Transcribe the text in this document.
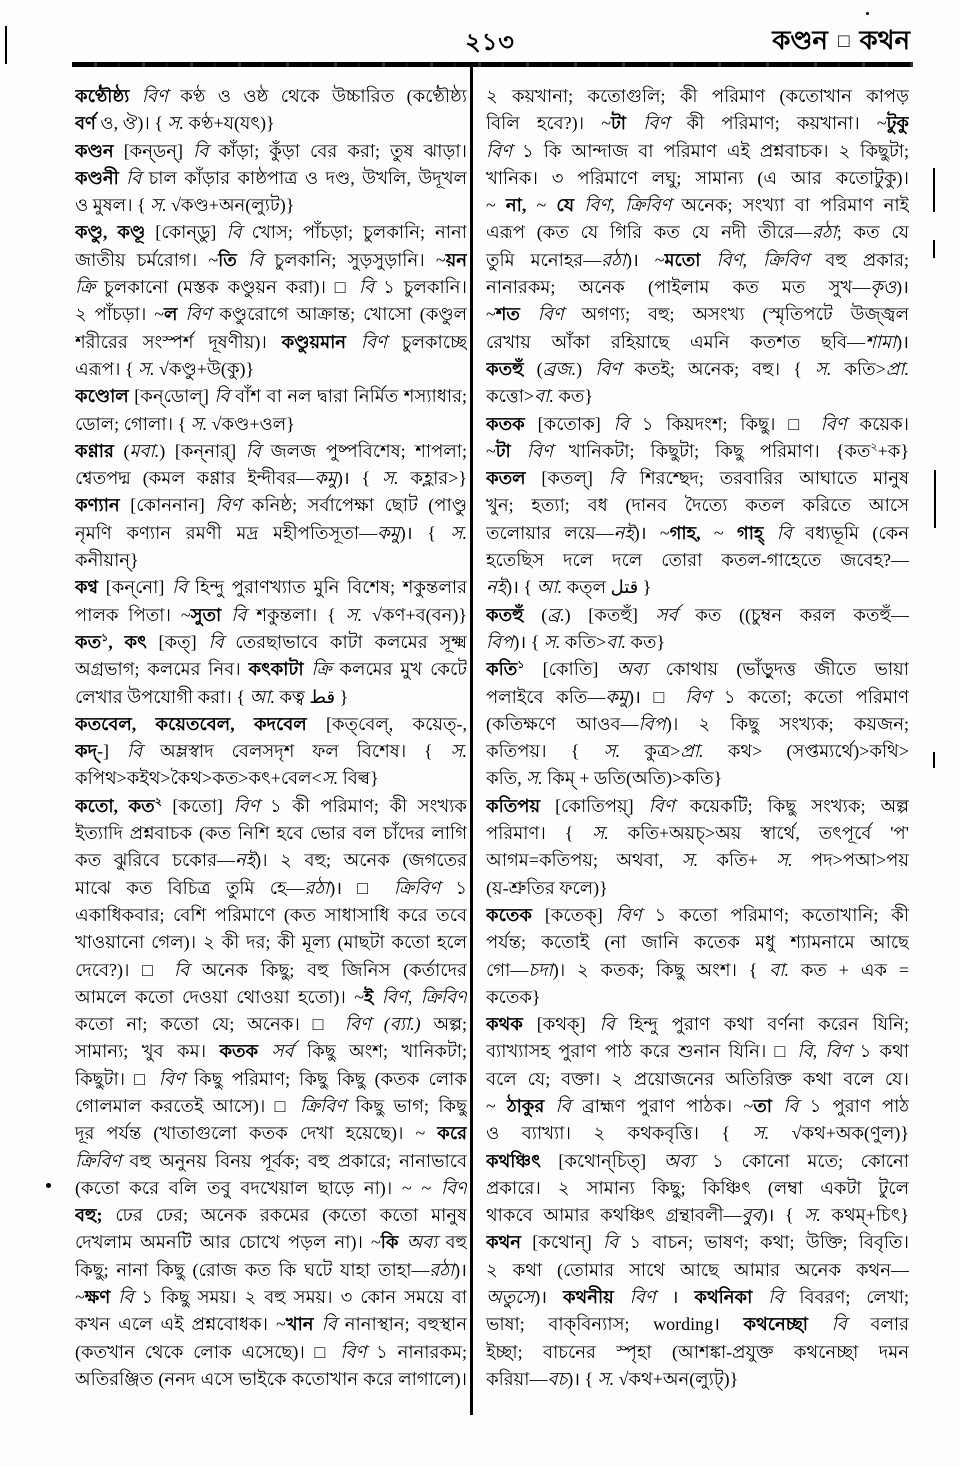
২১৩	কণ্ডন □ কথন
কণ্ঠৌষ্ঠ্য বিণ কণ্ঠ ও ওষ্ঠ থেকে উচ্চারিত (কণ্ঠৌষ্ঠ্য
বর্ণ ও, ঔ)। { স. কণ্ঠ+য(যৎ)}
কণ্ডন [কন্‌ডন্] বি কাঁড়া; কুঁড়া বের করা; তুষ ঝাড়া।
কণ্ডনী বি চাল কাঁড়ার কাষ্ঠপাত্র ও দণ্ড, উখলি, উদূখল
ও মুষল। { স. √কণ্ড+অন(ল্যুট)}
কণ্ডু, কণ্ডূ [কোন্‌ডু] বি খোস; পাঁচড়া; চুলকানি; নানা
জাতীয় চর্মরোগ। ~তি বি চুলকানি; সুড়সুড়ানি। ~য়ন
ক্রি চুলকানো (মস্তক কণ্ডুয়ন করা)। □ বি ১ চুলকানি।
২ পাঁচড়া। ~ল বিণ কণ্ডুরোগে আক্রান্ত; খোসো (কণ্ডুল
শরীরের সংস্পর্শ দূষণীয়)। কণ্ডুয়মান বিণ চুলকাচ্ছে
এরূপ। { স. √কণ্ডু+উ(কু)}
কণ্ডোল [কন্‌ডোল্] বি বাঁশ বা নল দ্বারা নির্মিত শস্যাধার;
ডোল; গোলা। { স. √কণ্ড+ওল}
কণ্ণার (মবা.) [কন্‌নার্] বি জলজ পুষ্পবিশেষ; শাপলা;
শ্বেতপদ্ম (কমল কণ্ণার ইন্দীবর—কমু)। { স. কহ্লার>}
কণ্যান [কোননান] বিণ কনিষ্ঠ; সর্বাপেক্ষা ছোট (পাণ্ডু
নৃমণি কণ্যান রমণী মদ্র মহীপতিসূতা—কমু)। { স.
কনীয়ান্}
কণ্ব [কন্‌নো] বি হিন্দু পুরাণখ্যাত মুনি বিশেষ; শকুন্তলার
পালক পিতা। ~সুতা বি শকুন্তলা। { স. √কণ+ব(বন)}
কত$^১$, কৎ [কত্] বি তেরছাভাবে কাটা কলমের সূক্ষ্ম
অগ্রভাগ; কলমের নিব। কৎকাটা ক্রি কলমের মুখ কেটে
লেখার উপযোগী করা। { আ. কত্ব قط }
কতবেল, কয়েতবেল, কদবেল [কত্‌বেল্, কয়েত্-,
কদ্-] বি অম্লস্বাদ বেলসদৃশ ফল বিশেষ। { স.
কপিথ>কইথ>কৈথ>কত>কৎ+বেল<স. বিল্ব}
কতো, কত$^২$ [কতো] বিণ ১ কী পরিমাণ; কী সংখ্যক
ইত্যাদি প্রশ্নবাচক (কত নিশি হবে ভোর বল চাঁদের লাগি
কত ঝুরিবে চকোর—নই)। ২ বহু; অনেক (জগতের
মাঝে কত বিচিত্র তুমি হে—রঠা)। □ ক্রিবিণ ১
একাধিকবার; বেশি পরিমাণে (কত সাধাসাধি করে তবে
খাওয়ানো গেল)। ২ কী দর; কী মূল্য (মাছটা কতো হলে
দেবে?)। □ বি অনেক কিছু; বহু জিনিস (কর্তাদের
আমলে কতো দেওয়া থোওয়া হতো)। ~ই বিণ, ক্রিবিণ
কতো না; কতো যে; অনেক। □ বিণ (ব্যা.) অল্প;
সামান্য; খুব কম। কতক সর্ব কিছু অংশ; খানিকটা;
কিছুটা। □ বিণ কিছু পরিমাণ; কিছু কিছু (কতক লোক
গোলমাল করতেই আসে)। □ ক্রিবিণ কিছু ভাগ; কিছু
দূর পর্যন্ত (খাতাগুলো কতক দেখা হয়েছে)। ~ করে
ক্রিবিণ বহু অনুনয় বিনয় পূর্বক; বহু প্রকারে; নানাভাবে
(কতো করে বলি তবু বদখেয়াল ছাড়ে না)। ~ ~ বিণ
বহু; ঢের ঢের; অনেক রকমের (কতো কতো মানুষ
দেখলাম অমনটি আর চোখে পড়ল না)। ~কি অব্য বহু
কিছু; নানা কিছু (রোজ কত কি ঘটে যাহা তাহা—রঠা)।
~ক্ষণ বি ১ কিছু সময়। ২ বহু সময়। ৩ কোন সময়ে বা
কখন এলে এই প্রশ্নবোধক। ~খান বি নানাস্থান; বহুস্থান
(কতখান থেকে লোক এসেছে)। □ বিণ ১ নানারকম;
অতিরঞ্জিত (ননদ এসে ভাইকে কতোখান করে লাগালে)।
২ কয়খানা; কতোগুলি; কী পরিমাণ (কতোখান কাপড়
বিলি হবে?)। ~টা বিণ কী পরিমাণ; কয়খানা। ~টুকু
বিণ ১ কি আন্দাজ বা পরিমাণ এই প্রশ্নবাচক। ২ কিছুটা;
খানিক। ৩ পরিমাণে লঘু; সামান্য (এ আর কতোটুকু)।
~ না, ~ যে বিণ, ক্রিবিণ অনেক; সংখ্যা বা পরিমাণ নাই
এরূপ (কত যে গিরি কত যে নদী তীরে—রঠা; কত যে
তুমি মনোহর—রঠা)। ~মতো বিণ, ক্রিবিণ বহু প্রকার;
নানারকম; অনেক (পাইলাম কত মত সুখ—কৃও)।
~শত বিণ অগণ্য; বহু; অসংখ্য (স্মৃতিপটে উজ্জ্বল
রেখায় আঁকা রহিয়াছে এমনি কতশত ছবি—শামা)।
কতহুঁ (ব্রজ.) বিণ কতই; অনেক; বহু। { স. কতি>প্রা.
কত্তো>বা. কত}
কতক [কতোক] বি ১ কিয়দংশ; কিছু। □ বিণ কয়েক।
~টা বিণ খানিকটা; কিছুটা; কিছু পরিমাণ। {কত$^২$+ক}
কতল [কতল্] বি শিরশ্ছেদ; তরবারির আঘাতে মানুষ
খুন; হত্যা; বধ (দানব দৈত্যে কতল করিতে আসে
তলোয়ার লয়ে—নই)। ~গাহ, ~ গাহ্ বি বধ্যভূমি (কেন
হতেছিস দলে দলে তোরা কতল-গাহেতে জবেহ?—
নই)। { আ. কত্‌ল قتل }
কতহুঁ (ব্র.) [কতহুঁ] সর্ব কত ((চুম্বন করল কতহুঁ—
বিপ)। { স. কতি>বা. কত}
কতি$^১$ [কোতি] অব্য কোথায় (ভাঁড়ুদত্ত জীতে ভায়া
পলাইবে কতি—কমু)। □ বিণ ১ কতো; কতো পরিমাণ
(কতিক্ষণে আওব—বিপ)। ২ কিছু সংখ্যক; কয়জন;
কতিপয়। { স. কুত্র>প্রা. কথ> (সপ্তম্যর্থে)>কথি>
কতি, স. কিম্ + ডতি(অতি)>কতি}
কতিপয় [কোতিপয়্] বিণ কয়েকটি; কিছু সংখ্যক; অল্প
পরিমাণ। { স. কতি+অয়চ্>অয় স্বার্থে, তৎপূর্বে 'প'
আগম=কতিপয়; অথবা, স. কতি+ স. পদ>পআ>পয়
(য়-শ্রুতির ফলে)}
কতেক [কতেক্] বিণ ১ কতো পরিমাণ; কতোখানি; কী
পর্যন্ত; কতোই (না জানি কতেক মধু শ্যামনামে আছে
গো—চদা)। ২ কতক; কিছু অংশ। { বা. কত + এক =
কতেক}
কথক [কথক্] বি হিন্দু পুরাণ কথা বর্ণনা করেন যিনি;
ব্যাখ্যাসহ পুরাণ পাঠ করে শুনান যিনি। □ বি, বিণ ১ কথা
বলে যে; বক্তা। ২ প্রয়োজনের অতিরিক্ত কথা বলে যে।
~ ঠাকুর বি ব্রাহ্মণ পুরাণ পাঠক। ~তা বি ১ পুরাণ পাঠ
ও ব্যাখ্যা। ২ কথকবৃত্তি। { স. √কথ+অক(ণুল)}
কথঞ্চিৎ [কথোন্‌চিত্] অব্য ১ কোনো মতে; কোনো
প্রকারে। ২ সামান্য কিছু; কিঞ্চিৎ (লম্বা একটা টুলে
থাকবে আমার কথঞ্চিৎ গ্রন্থাবলী—বুব)। { স. কথম্+চিৎ}
কথন [কথোন্] বি ১ বাচন; ভাষণ; কথা; উক্তি; বিবৃতি।
২ কথা (তোমার সাথে আছে আমার অনেক কথন—
অতুসে)। কথনীয় বিণ । কথনিকা বি বিবরণ; লেখা;
ভাষা; বাক্‌বিন্যাস; wording। কথনেচ্ছা বি বলার
ইচ্ছা; বাচনের স্পৃহা (আশঙ্কা-প্রযুক্ত কথনেচ্ছা দমন
করিয়া—বচ)। { স. √কথ+অন(ল্যুট্)}
